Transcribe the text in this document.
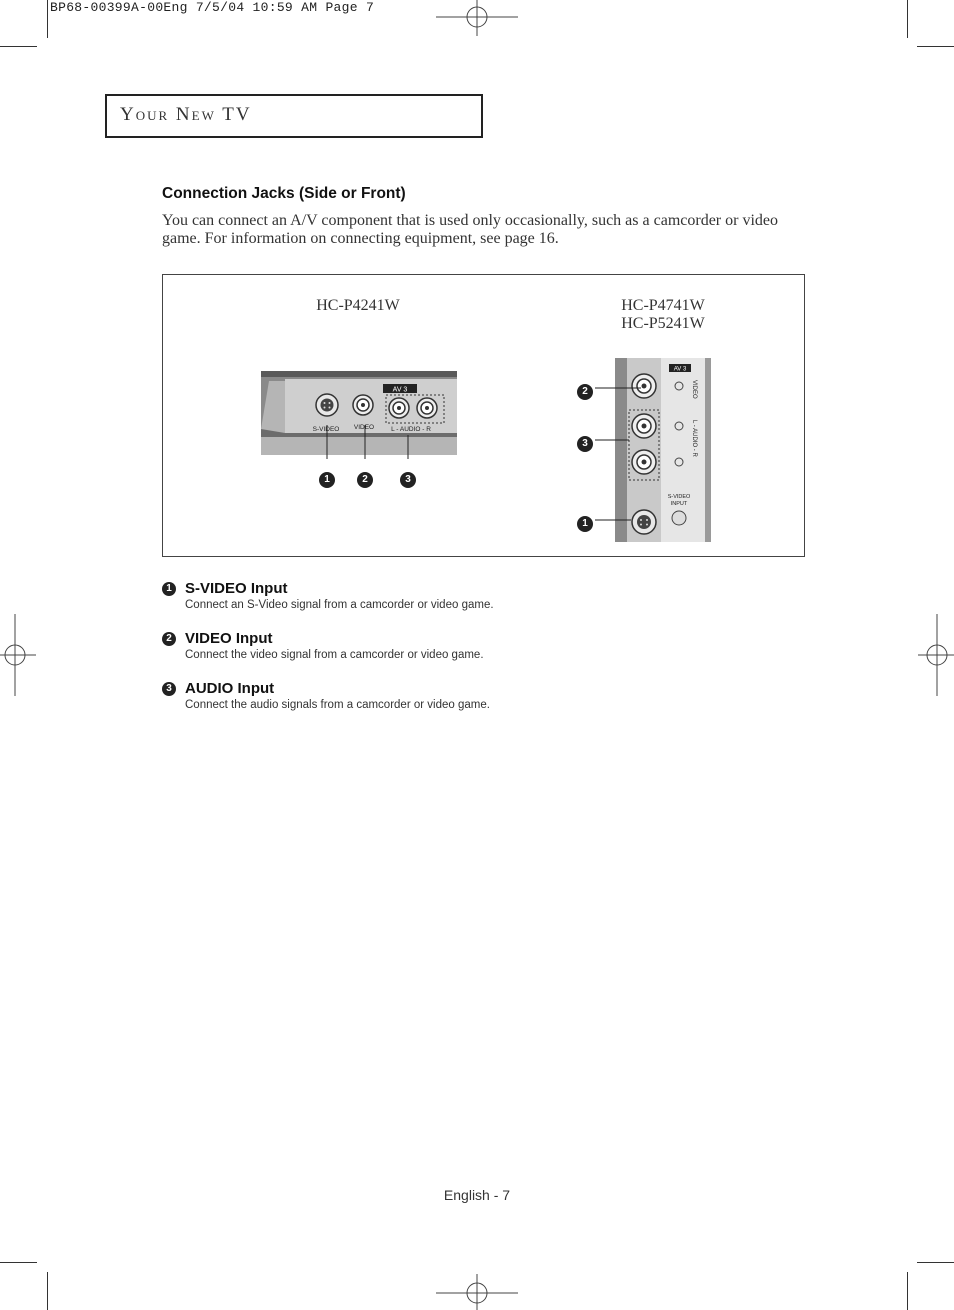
BP68-00399A-00Eng 7/5/04 10:59 AM Page 7
Your New TV
Connection Jacks (Side or Front)
You can connect an A/V component that is used only occasionally, such as a camcorder or video game. For information on connecting equipment, see page 16.
HC-P4241W	HC-P4741W
HC-P5241W
AV 3
S-VIDEO VIDEO	L - AUDIO - R
1	2	3
AV 3
VIDEO
L - AUDIO - R
S-VIDEO
INPUT
2
3
1
1 S-VIDEO Input
Connect an S-Video signal from a camcorder or video game.
2 VIDEO Input
Connect the video signal from a camcorder or video game.
3 AUDIO Input
Connect the audio signals from a camcorder or video game.
English - 7
